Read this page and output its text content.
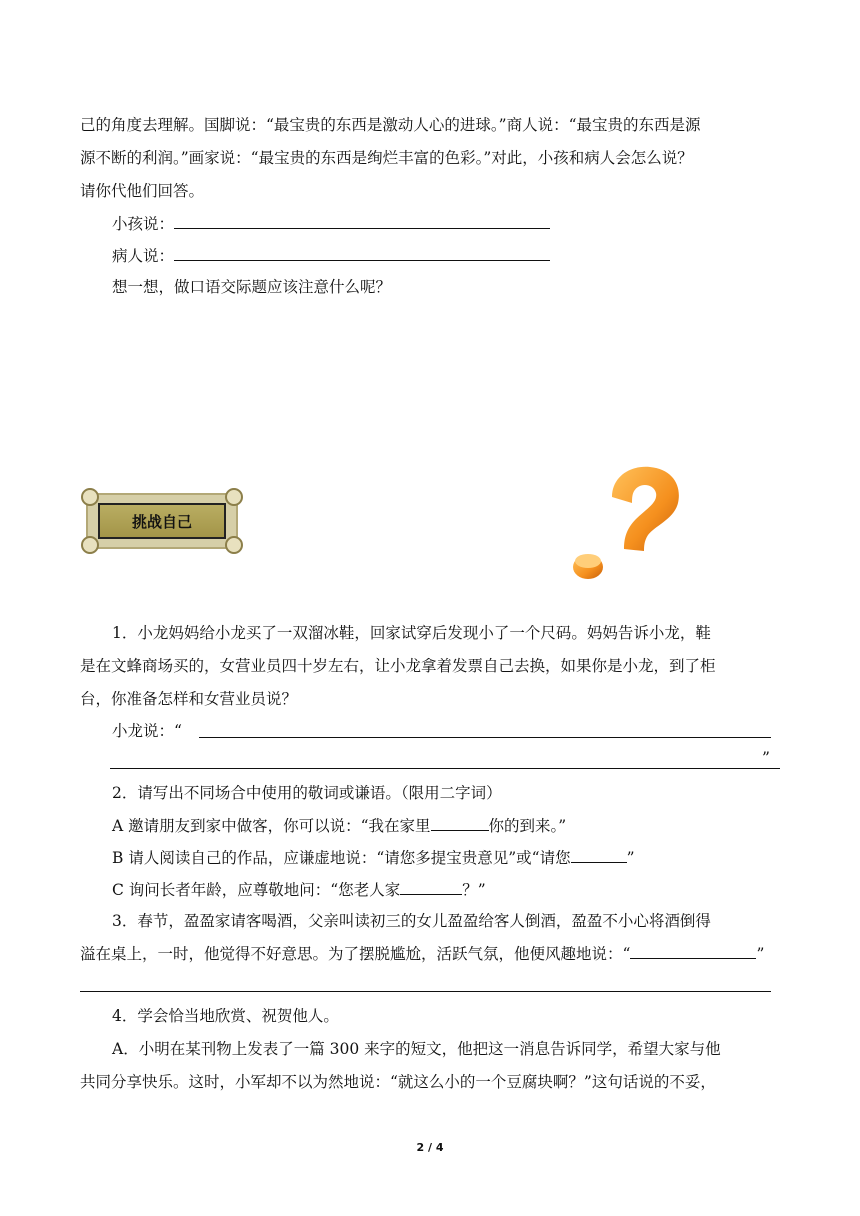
己的角度去理解。国脚说：“最宝贵的东西是激动人心的进球。”商人说：“最宝贵的东西是源
源不断的利润。”画家说：“最宝贵的东西是绚烂丰富的色彩。”对此，小孩和病人会怎么说？
请你代他们回答。
小孩说：
病人说：
想一想，做口语交际题应该注意什么呢？
挑战自己
1．小龙妈妈给小龙买了一双溜冰鞋，回家试穿后发现小了一个尺码。妈妈告诉小龙，鞋
是在文蜂商场买的，女营业员四十岁左右，让小龙拿着发票自己去换，如果你是小龙，到了柜
台，你准备怎样和女营业员说？
小龙说：“
”
2．请写出不同场合中使用的敬词或谦语。（限用二字词）
A 邀请朋友到家中做客，你可以说：“我在家里	你的到来。”
B 请人阅读自己的作品，应谦虚地说：“请您多提宝贵意见”或“请您	”
C 询问长者年龄，应尊敬地问：“您老人家	？”
3．春节，盈盈家请客喝酒，父亲叫读初三的女儿盈盈给客人倒酒，盈盈不小心将酒倒得
溢在桌上，一时，他觉得不好意思。为了摆脱尴尬，活跃气氛，他便风趣地说：“	”
4．学会恰当地欣赏、祝贺他人。
A．小明在某刊物上发表了一篇 300 来字的短文，他把这一消息告诉同学，希望大家与他
共同分享快乐。这时，小军却不以为然地说：“就这么小的一个豆腐块啊？”这句话说的不妥，
2 / 4
